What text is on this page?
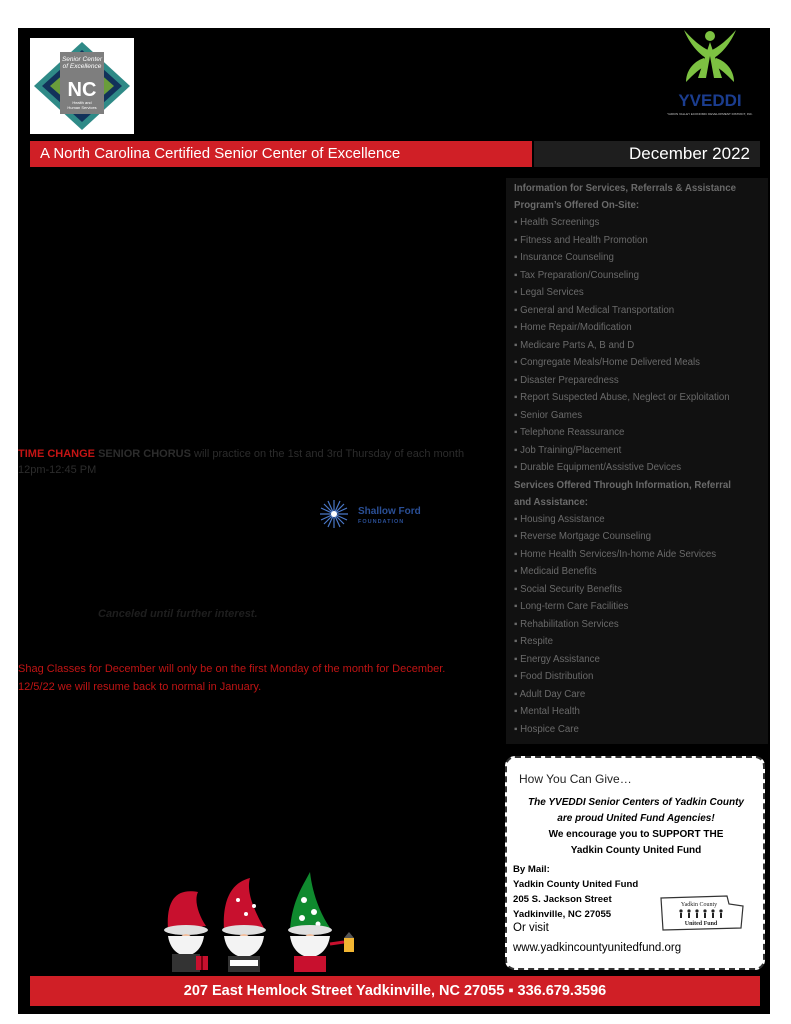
Senior Center
of Excellence
NC
Health and
Human Services	YVEDDI
YADKIN VALLEY ECONOMIC DEVELOPMENT DISTRICT, INC.
A North Carolina Certified Senior Center of Excellence	December 2022
Information for Services, Referrals & Assistance
Program’s Offered On-Site:
▪ Health Screenings
▪ Fitness and Health Promotion
▪ Insurance Counseling
▪ Tax Preparation/Counseling
▪ Legal Services
▪ General and Medical Transportation
▪ Home Repair/Modification
▪ Medicare Parts A, B and D
▪ Congregate Meals/Home Delivered Meals
▪ Disaster Preparedness
▪ Report Suspected Abuse, Neglect or Exploitation
▪ Senior Games
▪ Telephone Reassurance
▪ Job Training/Placement
▪ Durable Equipment/Assistive Devices
Services Offered Through Information, Referral
and Assistance:
▪ Housing Assistance
▪ Reverse Mortgage Counseling
▪ Home Health Services/In-home Aide Services
▪ Medicaid Benefits
▪ Social Security Benefits
▪ Long-term Care Facilities
▪ Rehabilitation Services
▪ Respite
▪ Energy Assistance
▪ Food Distribution
▪ Adult Day Care
▪ Mental Health
▪ Hospice Care
TIME CHANGE SENIOR CHORUS will practice on the 1st and 3rd Thursday of each month
12pm-12:45 PM
Shallow Ford
FOUNDATION
Canceled until further interest.
Shag Classes for December will only be on the first Monday of the month for December.
12/5/22 we will resume back to normal in January.
How You Can Give…
The YVEDDI Senior Centers of Yadkin County
are proud United Fund Agencies!
We encourage you to SUPPORT THE
Yadkin County United Fund
By Mail:
Yadkin County United Fund
205 S. Jackson Street
Yadkinville, NC 27055
Or visit
www.yadkincountyunitedfund.org
Yadkin County
United Fund
207 East Hemlock Street Yadkinville, NC 27055 ▪ 336.679.3596
